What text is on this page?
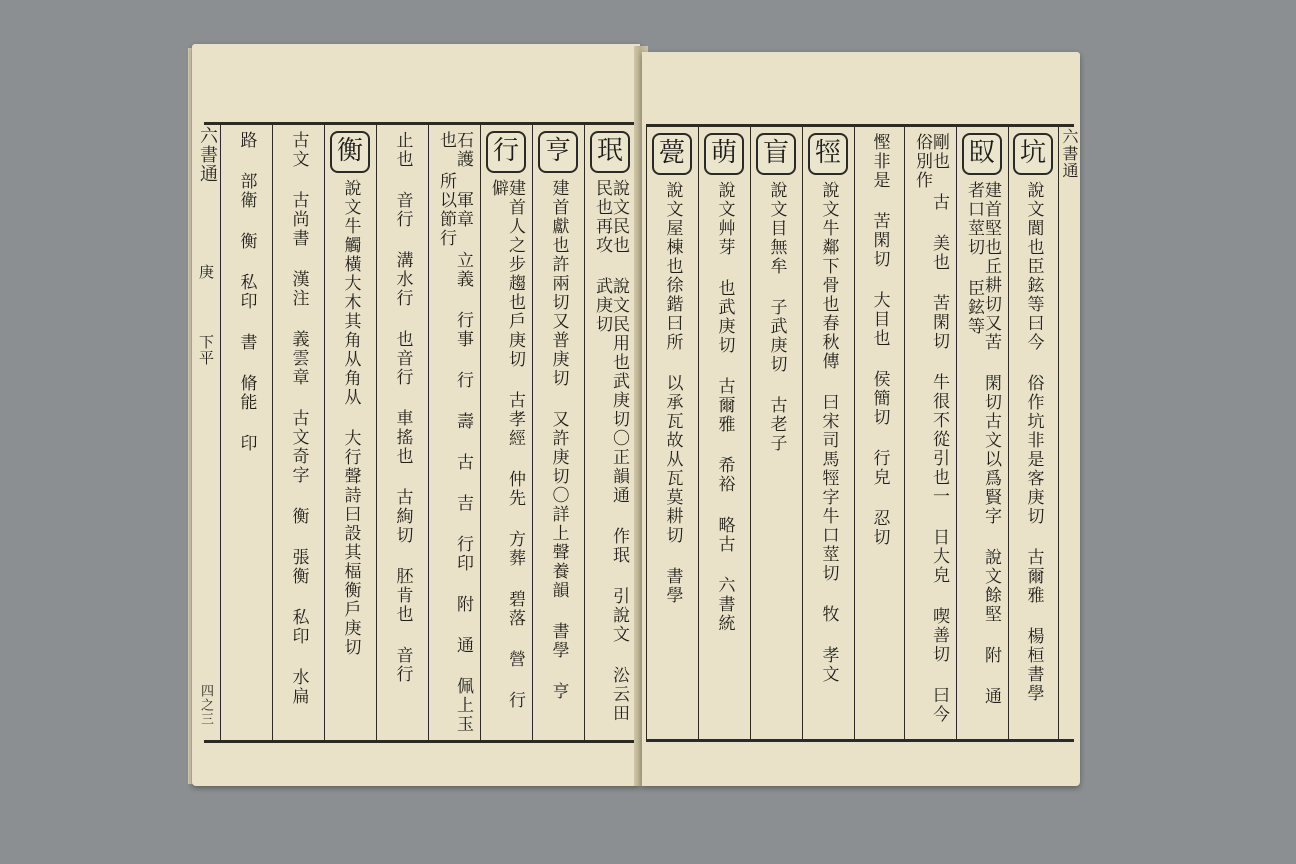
六書通
庚
下平
四之三
珉
說文民也 說文民用也武庚切〇正韻通 作珉 引說文 㳂云田民也再攻 武庚切
亨
建首獻也許兩切又普庚切 又許庚切〇詳上聲養韻 書學 亨
行
建首人之步趨也戶庚切 古孝經 仲先 方葬 碧落 營 行 僻
石護 軍章 立義 行事 行 壽 古 吉 行印 附 通 佩上玉也 所以節行
止也 音行 溝水行 也音行 車搖也 古絢切 胚肯也 音行
衡
說文牛觸橫大木其角从角从 大行聲詩曰設其楅衡戶庚切
古文 古尚書 漢注 義雲章 古文奇字 衡 張衡 私印 水扁
路 部衛 衡 私印 書 脩能 印	六書通
坑
說文閬也臣鉉等曰今 俗作坑非是客庚切 古爾雅 楊桓書學
臤
建首堅也丘耕切又苦 閑切古文以爲賢字 說文餘堅 附 通 者口莖切 臣鉉等
剛也 古 美也 苦閑切 牛很不從引也一 日大皃 喫善切 曰今俗別作
慳非是 苦閑切 大目也 侯簡切 行皃 忍切
牼
說文牛鄰下骨也春秋傳 曰宋司馬牼字牛口莖切 牧 孝文
盲
說文目無牟 子武庚切 古老子
萌
說文艸芽 也武庚切 古爾雅 希裕 略古 六書統
甍
說文屋棟也徐鍇曰所 以承瓦故从瓦莫耕切 書學
